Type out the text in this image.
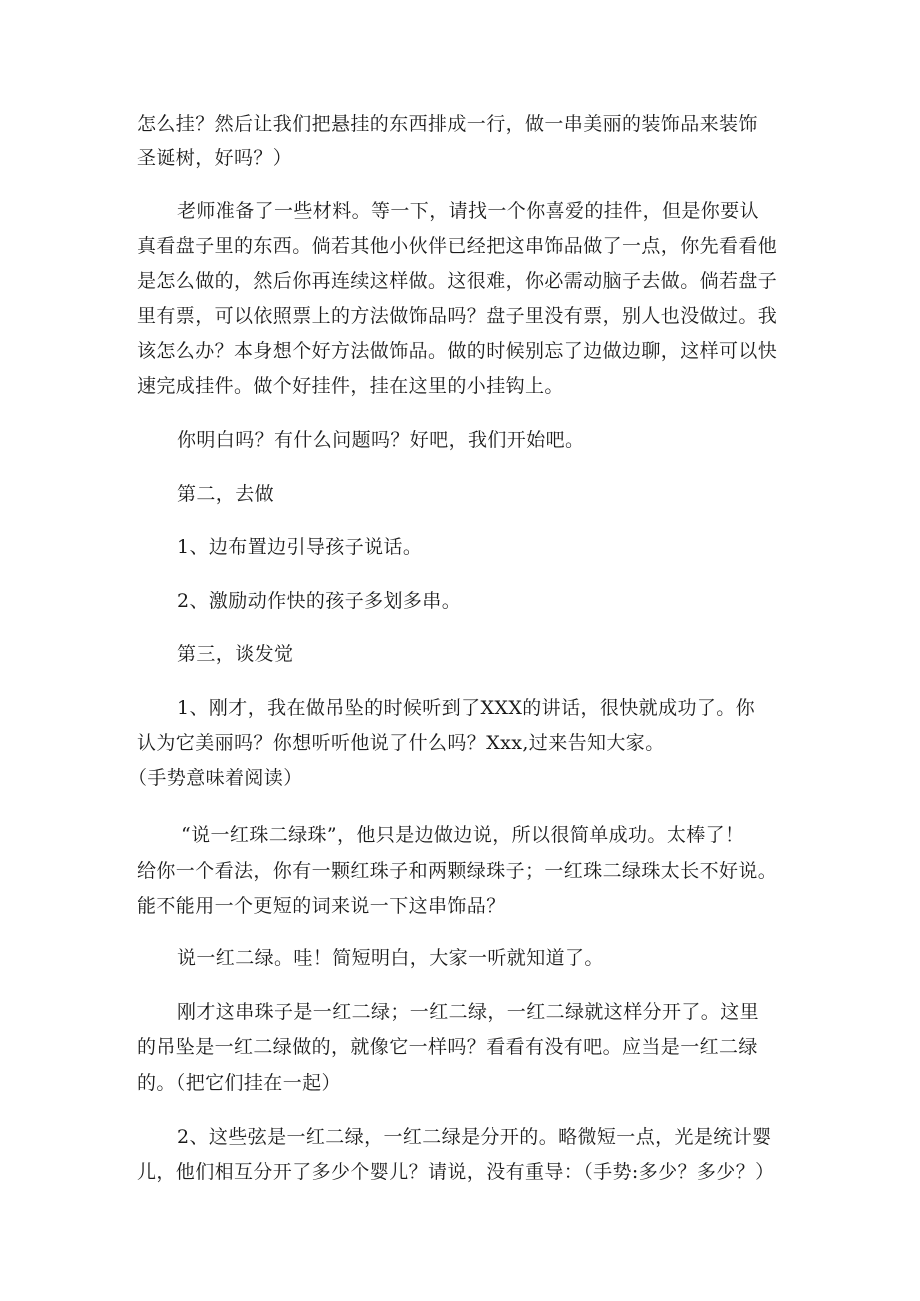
怎么挂？然后让我们把悬挂的东西排成一行，做一串美丽的装饰品来装饰
圣诞树，好吗？）
老师准备了一些材料。等一下，请找一个你喜爱的挂件，但是你要认
真看盘子里的东西。倘若其他小伙伴已经把这串饰品做了一点，你先看看他
是怎么做的，然后你再连续这样做。这很难，你必需动脑子去做。倘若盘子
里有票，可以依照票上的方法做饰品吗？盘子里没有票，别人也没做过。我
该怎么办？本身想个好方法做饰品。做的时候别忘了边做边聊，这样可以快
速完成挂件。做个好挂件，挂在这里的小挂钩上。
你明白吗？有什么问题吗？好吧，我们开始吧。
第二，去做
1、边布置边引导孩子说话。
2、激励动作快的孩子多划多串。
第三，谈发觉
1、刚才，我在做吊坠的时候听到了XXX的讲话，很快就成功了。你
认为它美丽吗？你想听听他说了什么吗？Xxx,过来告知大家。
（手势意味着阅读）
“说一红珠二绿珠”，他只是边做边说，所以很简单成功。太棒了！
给你一个看法，你有一颗红珠子和两颗绿珠子；一红珠二绿珠太长不好说。
能不能用一个更短的词来说一下这串饰品？
说一红二绿。哇！简短明白，大家一听就知道了。
刚才这串珠子是一红二绿；一红二绿，一红二绿就这样分开了。这里
的吊坠是一红二绿做的，就像它一样吗？看看有没有吧。应当是一红二绿
的。（把它们挂在一起）
2、这些弦是一红二绿，一红二绿是分开的。略微短一点，光是统计婴
儿，他们相互分开了多少个婴儿？请说，没有重导：（手势:多少？多少？）
